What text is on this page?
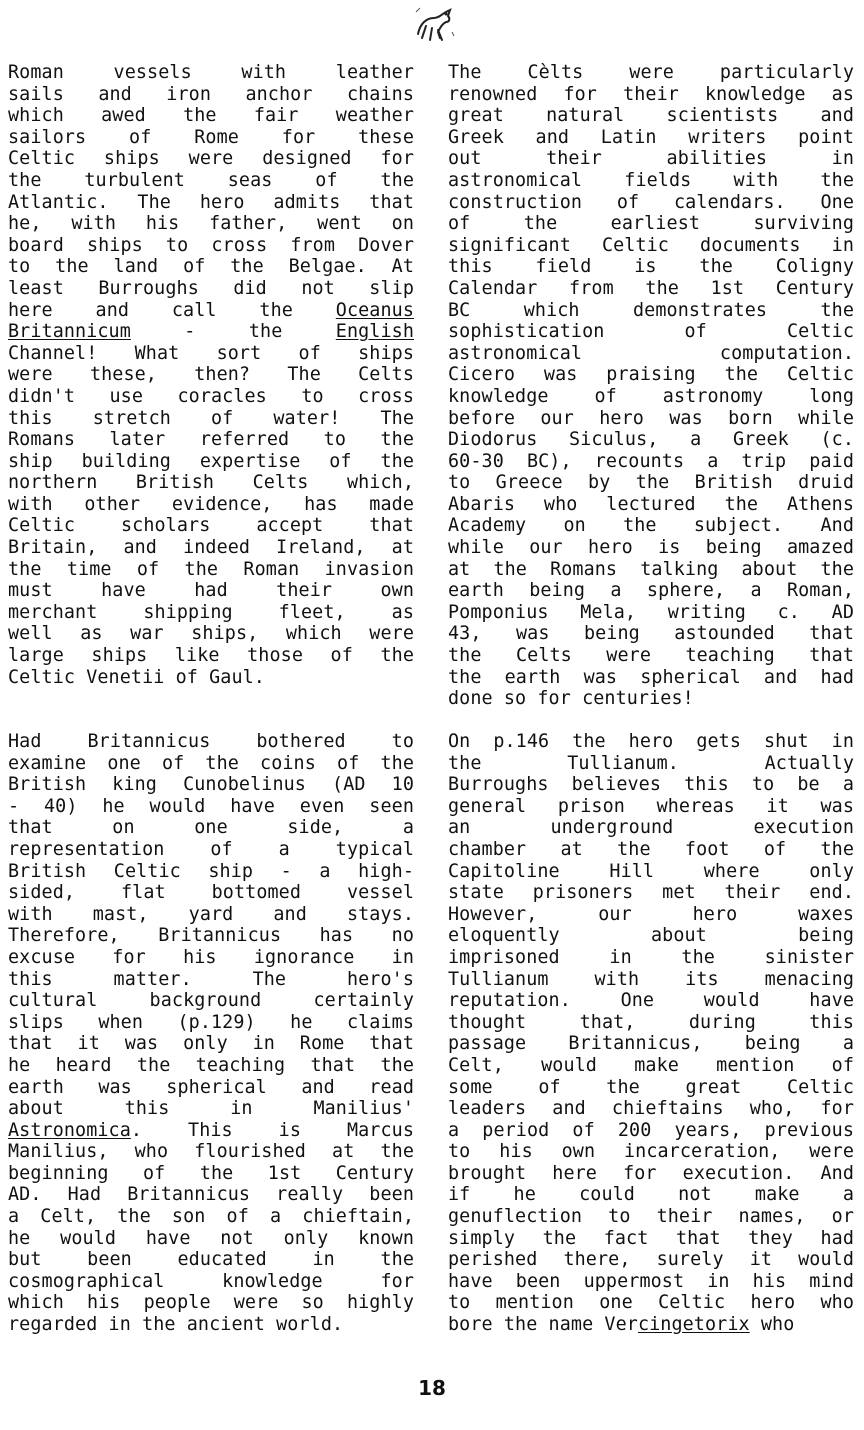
Roman vessels with leather
sails and iron anchor chains
which awed the fair weather
sailors of Rome for these
Celtic ships were designed for
the turbulent seas of the
Atlantic. The hero admits that
he, with his father, went on
board ships to cross from Dover
to the land of the Belgae. At
least Burroughs did not slip
here and call the Oceanus
Britannicum - the English
Channel! What sort of ships
were these, then? The Celts
didn't use coracles to cross
this stretch of water! The
Romans later referred to the
ship building expertise of the
northern British Celts which,
with other evidence, has made
Celtic scholars accept that
Britain, and indeed Ireland, at
the time of the Roman invasion
must have had their own
merchant shipping fleet, as
well as war ships, which were
large ships like those of the
Celtic Venetii of Gaul.
The Cèlts were particularly
renowned for their knowledge as
great natural scientists and
Greek and Latin writers point
out their abilities in
astronomical fields with the
construction of calendars. One
of the earliest surviving
significant Celtic documents in
this field is the Coligny
Calendar from the 1st Century
BC which demonstrates the
sophistication of Celtic
astronomical computation.
Cicero was praising the Celtic
knowledge of astronomy long
before our hero was born while
Diodorus Siculus, a Greek (c.
60-30 BC), recounts a trip paid
to Greece by the British druid
Abaris who lectured the Athens
Academy on the subject. And
while our hero is being amazed
at the Romans talking about the
earth being a sphere, a Roman,
Pomponius Mela, writing c. AD
43, was being astounded that
the Celts were teaching that
the earth was spherical and had
done so for centuries!
Had Britannicus bothered to
examine one of the coins of the
British king Cunobelinus (AD 10
- 40) he would have even seen
that on one side, a
representation of a typical
British Celtic ship - a high-
sided, flat bottomed vessel
with mast, yard and stays.
Therefore, Britannicus has no
excuse for his ignorance in
this matter. The hero's
cultural background certainly
slips when (p.129) he claims
that it was only in Rome that
he heard the teaching that the
earth was spherical and read
about this in Manilius'
Astronomica. This is Marcus
Manilius, who flourished at the
beginning of the 1st Century
AD. Had Britannicus really been
a Celt, the son of a chieftain,
he would have not only known
but been educated in the
cosmographical knowledge for
which his people were so highly
regarded in the ancient world.
On p.146 the hero gets shut in
the Tullianum. Actually
Burroughs believes this to be a
general prison whereas it was
an underground execution
chamber at the foot of the
Capitoline Hill where only
state prisoners met their end.
However, our hero waxes
eloquently about being
imprisoned in the sinister
Tullianum with its menacing
reputation. One would have
thought that, during this
passage Britannicus, being a
Celt, would make mention of
some of the great Celtic
leaders and chieftains who, for
a period of 200 years, previous
to his own incarceration, were
brought here for execution. And
if he could not make a
genuflection to their names, or
simply the fact that they had
perished there, surely it would
have been uppermost in his mind
to mention one Celtic hero who
bore the name Vercingetorix who
18
